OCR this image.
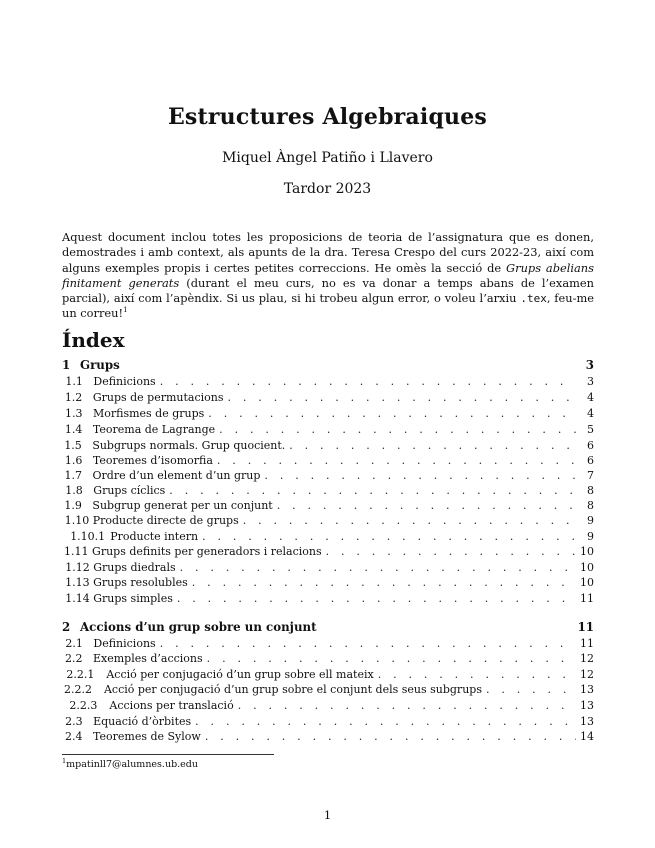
Estructures Algebraiques
Miquel Àngel Patiño i Llavero
Tardor 2023
Aquest document inclou totes les proposicions de teoria de l’assignatura que es donen, demostrades i amb context, als apunts de la dra. Teresa Crespo del curs 2022-23, així com alguns exemples propis i certes petites correccions. He omès la secció de Grups abelians finitament generats (durant el meu curs, no es va donar a temps abans de l’examen parcial), així com l’apèndix. Si us plau, si hi trobeu algun error, o voleu l’arxiu .tex, feu-me un correu!$^1$
Índex
1 Grups	3
1.1 Definicions . . .	3
1.2 Grups de permutacions . . .	4
1.3 Morfismes de grups . . .	4
1.4 Teorema de Lagrange . . .	5
1.5 Subgrups normals. Grup quocient. . . .	6
1.6 Teoremes d’isomorfia . . .	6
1.7 Ordre d’un element d’un grup . . .	7
1.8 Grups cíclics . . .	8
1.9 Subgrup generat per un conjunt . . .	8
1.10 Producte directe de grups . . .	9
1.10.1 Producte intern . . .	9
1.11 Grups definits per generadors i relacions . . .	10
1.12 Grups diedrals . . .	10
1.13 Grups resolubles . . .	10
1.14 Grups simples . . .	11
2 Accions d’un grup sobre un conjunt	11
2.1 Definicions . . .	11
2.2 Exemples d’accions . . .	12
2.2.1	Acció per conjugació d’un grup sobre ell mateix . . .	12
2.2.2	Acció per conjugació d’un grup sobre el conjunt dels seus subgrups . . .	13
2.2.3	Accions per translació . . .	13
2.3 Equació d’òrbites . . .	13
2.4 Teoremes de Sylow . . .	14
$^1$mpatinll7@alumnes.ub.edu
1
